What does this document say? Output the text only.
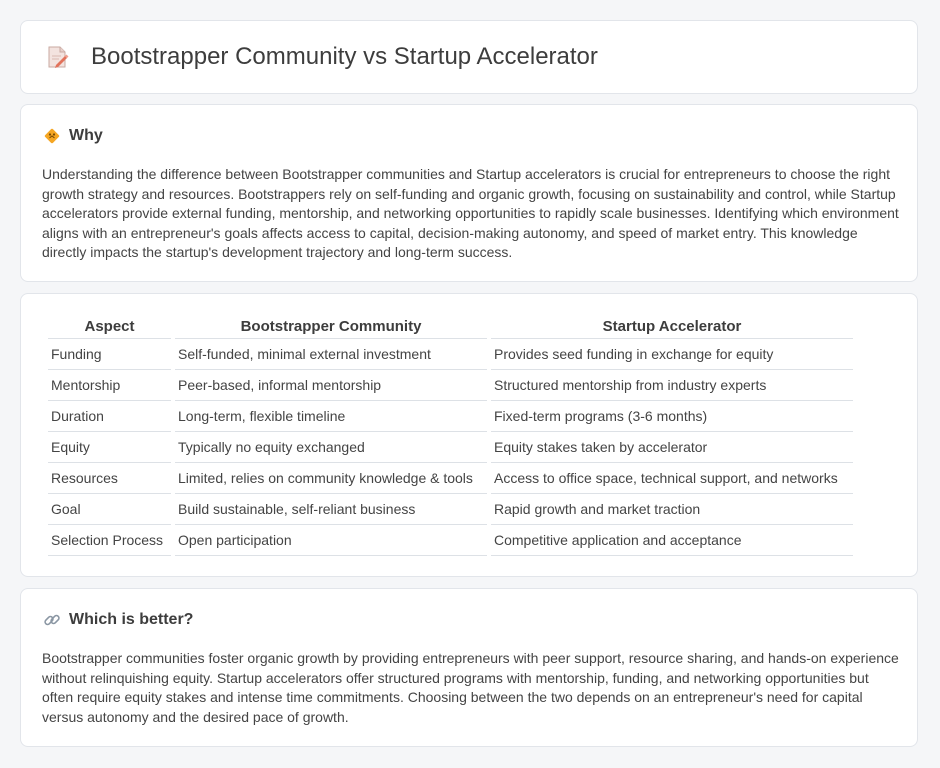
Bootstrapper Community vs Startup Accelerator
Why

Understanding the difference between Bootstrapper communities and Startup accelerators is crucial for entrepreneurs to choose the right growth strategy and resources. Bootstrappers rely on self-funding and organic growth, focusing on sustainability and control, while Startup accelerators provide external funding, mentorship, and networking opportunities to rapidly scale businesses. Identifying which environment aligns with an entrepreneur's goals affects access to capital, decision-making autonomy, and speed of market entry. This knowledge directly impacts the startup's development trajectory and long-term success.

Aspect	Bootstrapper Community	Startup Accelerator
Funding	Self-funded, minimal external investment	Provides seed funding in exchange for equity
Mentorship	Peer-based, informal mentorship	Structured mentorship from industry experts
Duration	Long-term, flexible timeline	Fixed-term programs (3-6 months)
Equity	Typically no equity exchanged	Equity stakes taken by accelerator
Resources	Limited, relies on community knowledge & tools	Access to office space, technical support, and networks
Goal	Build sustainable, self-reliant business	Rapid growth and market traction
Selection Process	Open participation	Competitive application and acceptance
Which is better?

Bootstrapper communities foster organic growth by providing entrepreneurs with peer support, resource sharing, and hands-on experience without relinquishing equity. Startup accelerators offer structured programs with mentorship, funding, and networking opportunities but often require equity stakes and intense time commitments. Choosing between the two depends on an entrepreneur's need for capital versus autonomy and the desired pace of growth.
